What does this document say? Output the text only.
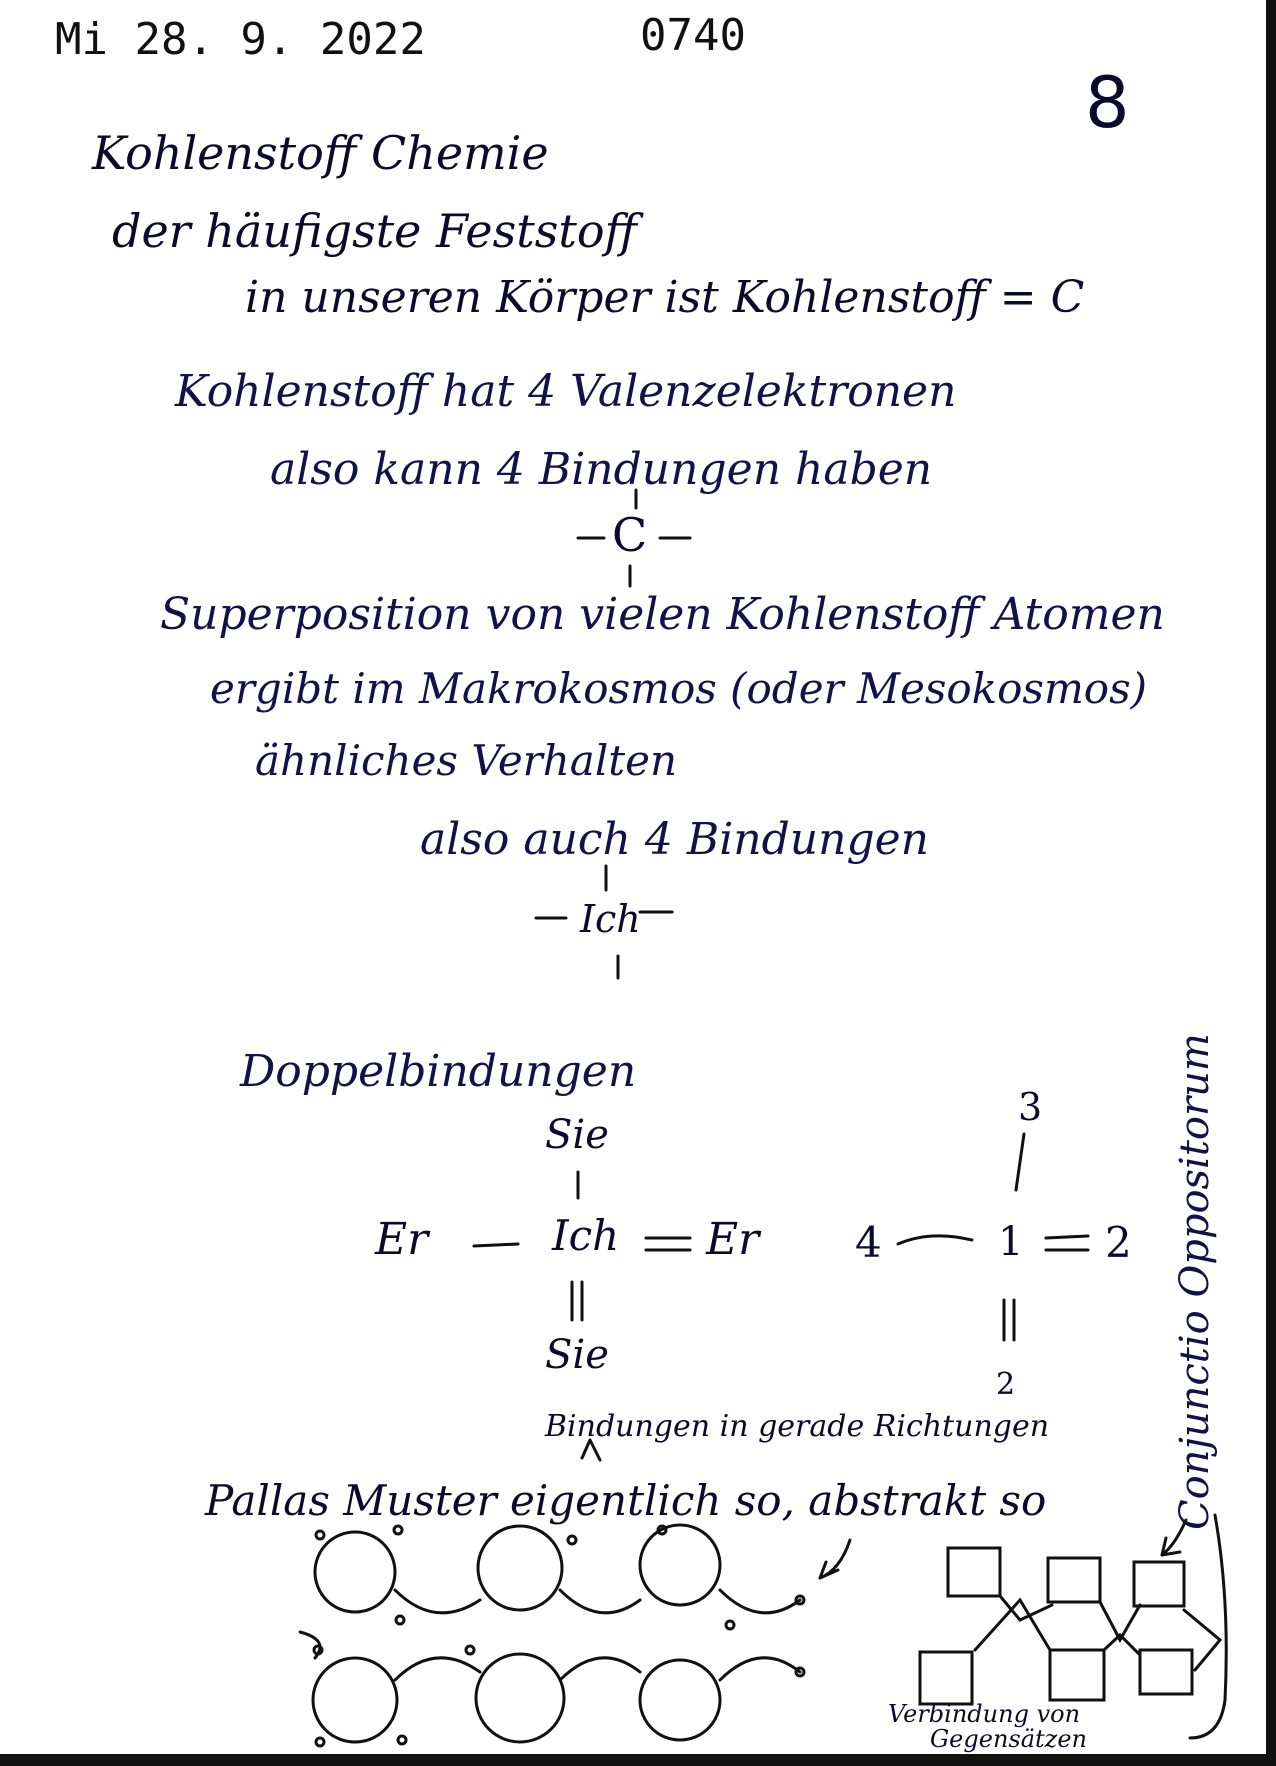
Mi 28. 9. 2022	0740
8
Kohlenstoff Chemie
der häufigste Feststoff
in unseren Körper ist Kohlenstoff = C
Kohlenstoff hat 4 Valenzelektronen
also kann 4 Bindungen haben
C
Superposition von vielen Kohlenstoff Atomen
ergibt im Makrokosmos (oder Mesokosmos)
ähnliches Verhalten
also auch 4 Bindungen
Ich
Doppelbindungen
Sie
Er	Ich Er
Sie
3
4	1 2
2
Bindungen in gerade Richtungen
Pallas Muster eigentlich so, abstrakt so	Conjunctio Oppositorum
Verbindung von
Gegensätzen
